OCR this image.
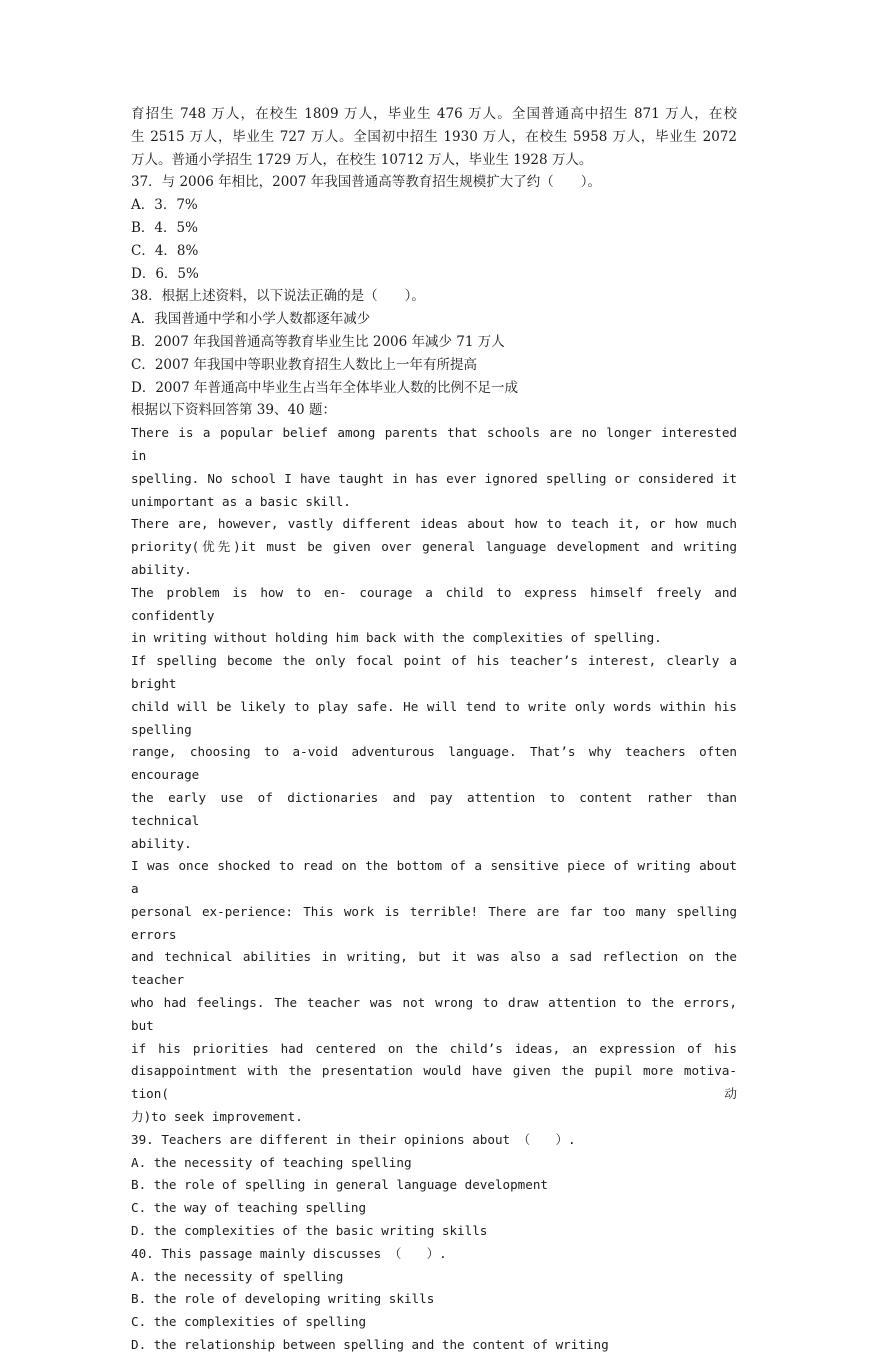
育招生 748 万人，在校生 1809 万人，毕业生 476 万人。全国普通高中招生 871 万人，在校
生 2515 万人，毕业生 727 万人。全国初中招生 1930 万人，在校生 5958 万人，毕业生 2072
万人。普通小学招生 1729 万人，在校生 10712 万人，毕业生 1928 万人。
37．与 2006 年相比，2007 年我国普通高等教育招生规模扩大了约（　　）。
A．3．7%
B．4．5%
C．4．8%
D．6．5%
38．根据上述资料，以下说法正确的是（　　）。
A．我国普通中学和小学人数都逐年减少
B．2007 年我国普通高等教育毕业生比 2006 年减少 71 万人
C．2007 年我国中等职业教育招生人数比上一年有所提高
D．2007 年普通高中毕业生占当年全体毕业人数的比例不足一成
根据以下资料回答第 39、40 题：
There is a popular belief among parents that schools are no longer interested in
spelling. No school I have taught in has ever ignored spelling or considered it
unimportant as a basic skill.
There are, however, vastly different ideas about how to teach it, or how much
priority(优先)it must be given over general language development and writing ability.
The problem is how to en- courage a child to express himself freely and confidently
in writing without holding him back with the complexities of spelling.
If spelling become the only focal point of his teacher’s interest, clearly a bright
child will be likely to play safe. He will tend to write only words within his spelling
range, choosing to a-void adventurous language. That’s why teachers often encourage
the early use of dictionaries and pay attention to content rather than technical
ability.
I was once shocked to read on the bottom of a sensitive piece of writing about a
personal ex-perience: This work is terrible! There are far too many spelling errors
and technical abilities in writing, but it was also a sad reflection on the teacher
who had feelings. The teacher was not wrong to draw attention to the errors, but
if his priorities had centered on the child’s ideas, an expression of his
disappointment with the presentation would have given the pupil more motiva-tion(动
力)to seek improvement.
39. Teachers are different in their opinions about （　　）.
A. the necessity of teaching spelling
B. the role of spelling in general language development
C. the way of teaching spelling
D. the complexities of the basic writing skills
40. This passage mainly discusses （　　）.
A. the necessity of spelling
B. the role of developing writing skills
C. the complexities of spelling
D. the relationship between spelling and the content of writing
